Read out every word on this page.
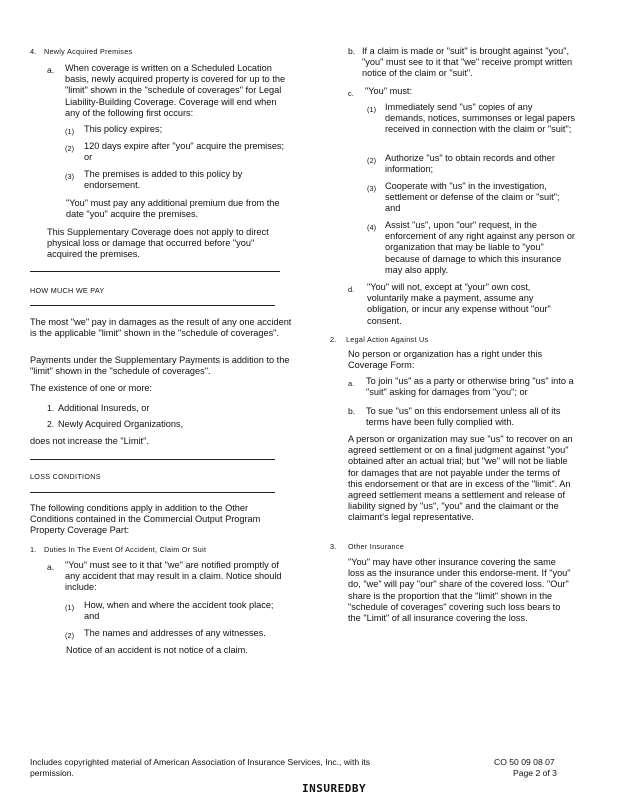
4. Newly Acquired Premises
a. When coverage is written on a Scheduled Location basis, newly acquired property is covered for up to the "limit" shown in the "schedule of coverages" for Legal Liability-Building Coverage. Coverage will end when any of the following first occurs:

(1) This policy expires;

(2) 120 days expire after "you" acquire the premises; or

(3) The premises is added to this policy by endorsement.

"You" must pay any additional premium due from the date "you" acquire the premises.

This Supplementary Coverage does not apply to direct physical loss or damage that occurred before "you" acquired the premises.

HOW MUCH WE PAY

The most "we" pay in damages as the result of any one accident is the applicable "limit" shown in the "schedule of coverages".

Payments under the Supplementary Payments is addition to the "limit" shown in the "schedule of coverages".

The existence of one or more:

1. Additional Insureds, or

2. Newly Acquired Organizations,

does not increase the "Limit".

LOSS CONDITIONS

The following conditions apply in addition to the Other Conditions contained in the Commercial Output Program Property Coverage Part:

1. Duties In The Event Of Accident, Claim Or Suit
a. "You" must see to it that "we" are notified promptly of any accident that may result in a claim. Notice should include:

(1) How, when and where the accident took place; and

(2) The names and addresses of any witnesses.

Notice of an accident is not notice of a claim.

b. If a claim is made or "suit" is brought against "you", "you" must see to it that "we" receive prompt written notice of the claim or "suit".

c. "You" must:

(1) Immediately send "us" copies of any demands, notices, summonses or legal papers received in connection with the claim or "suit";

(2) Authorize "us" to obtain records and other information;

(3) Cooperate with "us" in the investigation, settlement or defense of the claim or "suit"; and

(4) Assist "us", upon "our" request, in the enforcement of any right against any person or organization that may be liable to "you" because of damage to which this insurance may also apply.

d. "You" will not, except at "your" own cost, voluntarily make a payment, assume any obligation, or incur any expense without "our" consent.

2. Legal Action Against Us

No person or organization has a right under this Coverage Form:

a. To join "us" as a party or otherwise bring "us" into a "suit" asking for damages from "you"; or

b. To sue "us" on this endorsement unless all of its terms have been fully complied with.

A person or organization may sue "us" to recover on an agreed settlement or on a final judgment against "you" obtained after an actual trial; but "we" will not be liable for damages that are not payable under the terms of this endorsement or that are in excess of the "limit". An agreed settlement means a settlement and release of liability signed by "us", "you" and the claimant or the claimant's legal representative.

3. Other Insurance

"You" may have other insurance covering the same loss as the insurance under this endorse-ment. If "you" do, "we" will pay "our" share of the covered loss. "Our" share is the proportion that the "limit" shown in the "schedule of coverages" covering such loss bears to the "Limit" of all insurance covering the loss.

Includes copyrighted material of American Association of Insurance Services, Inc., with its permission.

CO 50 09 08 07
Page 2 of 3
INSUREDBY
